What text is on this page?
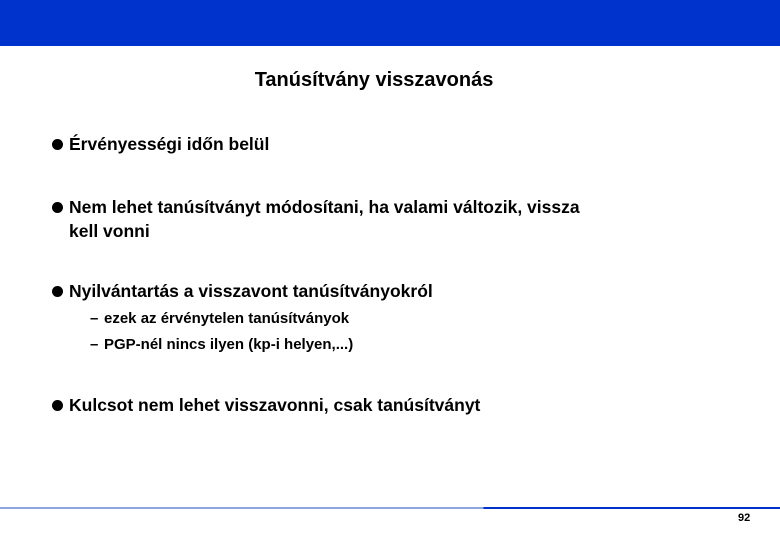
Tanúsítvány visszavonás
Érvényességi időn belül
Nem lehet tanúsítványt módosítani, ha valami változik, vissza
kell vonni
Nyilvántartás a visszavont tanúsítványokról
– ezek az érvénytelen tanúsítványok
– PGP-nél nincs ilyen (kp-i helyen,...)
Kulcsot nem lehet visszavonni, csak tanúsítványt
92
